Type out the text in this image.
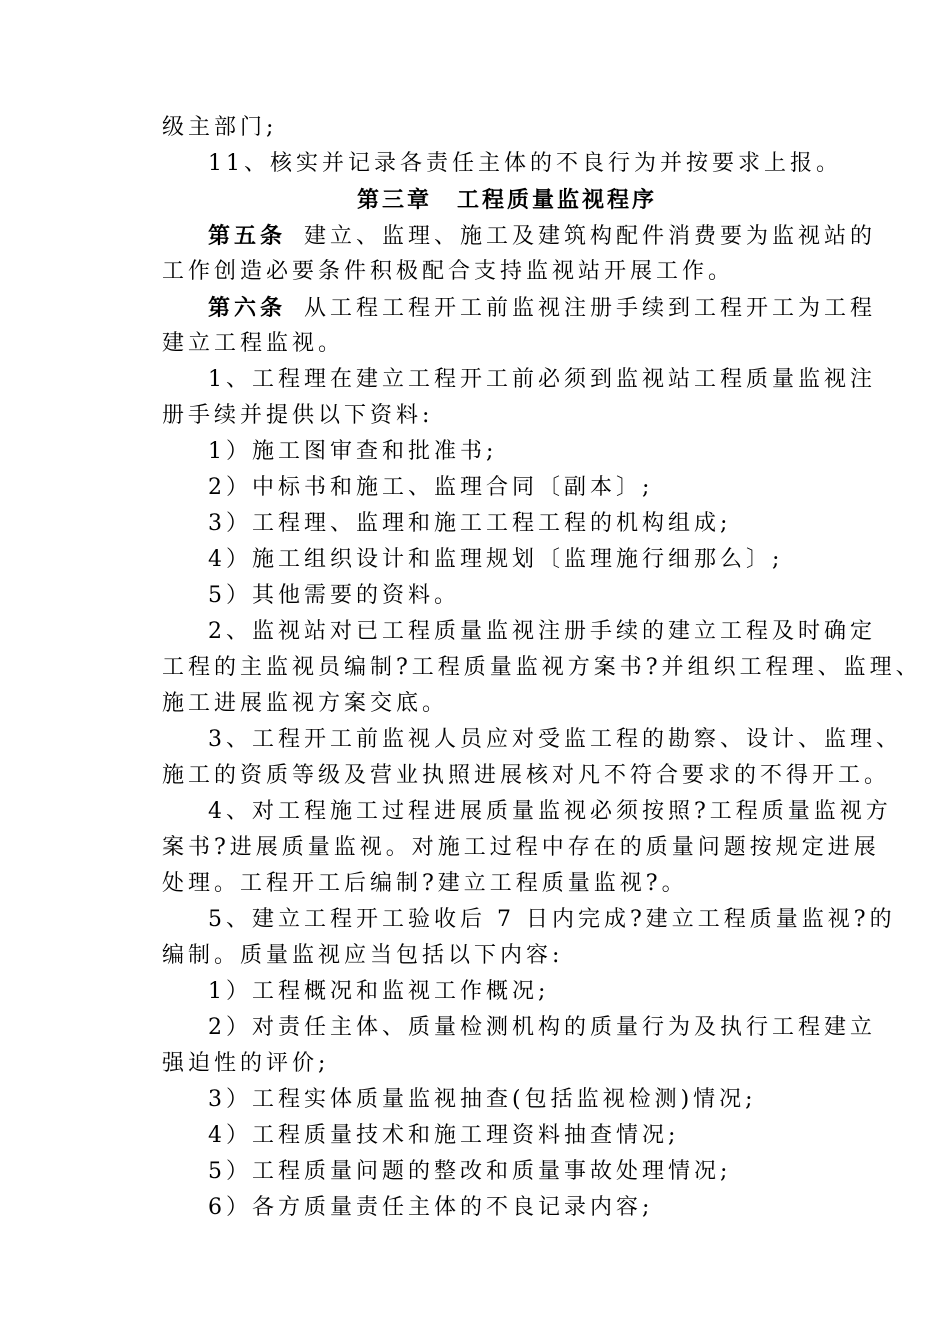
级主部门;
11、核实并记录各责任主体的不良行为并按要求上报。
第三章　工程质量监视程序
第五条 建立、监理、施工及建筑构配件消费要为监视站的
工作创造必要条件积极配合支持监视站开展工作。
第六条 从工程工程开工前监视注册手续到工程开工为工程
建立工程监视。
1、工程理在建立工程开工前必须到监视站工程质量监视注
册手续并提供以下资料:
1）施工图审查和批准书;
2）中标书和施工、监理合同〔副本〕;
3）工程理、监理和施工工程工程的机构组成;
4）施工组织设计和监理规划〔监理施行细那么〕;
5）其他需要的资料。
2、监视站对已工程质量监视注册手续的建立工程及时确定
工程的主监视员编制?工程质量监视方案书?并组织工程理、监理、
施工进展监视方案交底。
3、工程开工前监视人员应对受监工程的勘察、设计、监理、
施工的资质等级及营业执照进展核对凡不符合要求的不得开工。
4、对工程施工过程进展质量监视必须按照?工程质量监视方
案书?进展质量监视。对施工过程中存在的质量问题按规定进展
处理。工程开工后编制?建立工程质量监视?。
5、建立工程开工验收后 7 日内完成?建立工程质量监视?的
编制。质量监视应当包括以下内容:
1）工程概况和监视工作概况;
2）对责任主体、质量检测机构的质量行为及执行工程建立
强迫性的评价;
3）工程实体质量监视抽查(包括监视检测)情况;
4）工程质量技术和施工理资料抽查情况;
5）工程质量问题的整改和质量事故处理情况;
6）各方质量责任主体的不良记录内容;
